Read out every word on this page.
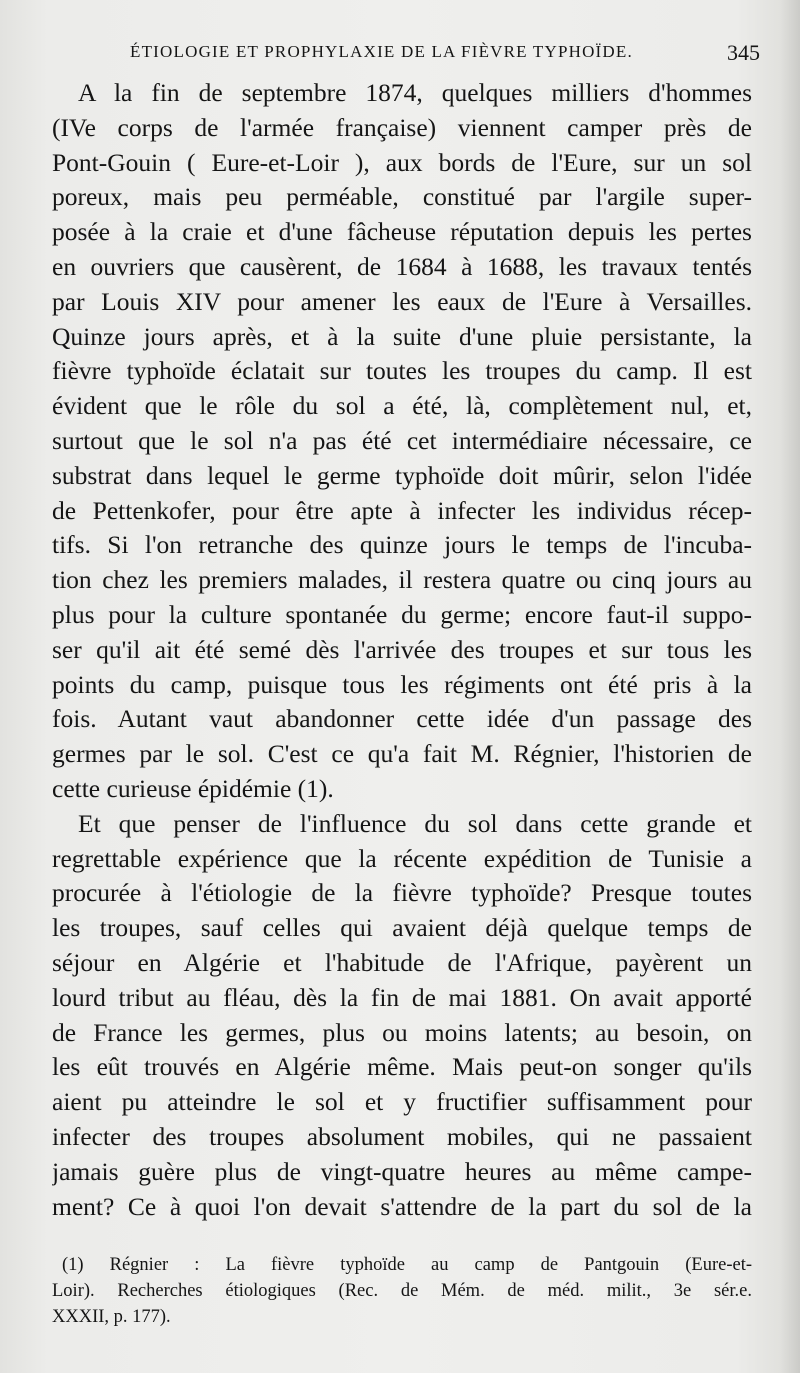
ÉTIOLOGIE ET PROPHYLAXIE DE LA FIÈVRE TYPHOÏDE.	345
A la fin de septembre 1874, quelques milliers d'hommes
(IVe corps de l'armée française) viennent camper près de
Pont-Gouin ( Eure-et-Loir ), aux bords de l'Eure, sur un sol
poreux, mais peu perméable, constitué par l'argile super-
posée à la craie et d'une fâcheuse réputation depuis les pertes
en ouvriers que causèrent, de 1684 à 1688, les travaux tentés
par Louis XIV pour amener les eaux de l'Eure à Versailles.
Quinze jours après, et à la suite d'une pluie persistante, la
fièvre typhoïde éclatait sur toutes les troupes du camp. Il est
évident que le rôle du sol a été, là, complètement nul, et,
surtout que le sol n'a pas été cet intermédiaire nécessaire, ce
substrat dans lequel le germe typhoïde doit mûrir, selon l'idée
de Pettenkofer, pour être apte à infecter les individus récep-
tifs. Si l'on retranche des quinze jours le temps de l'incuba-
tion chez les premiers malades, il restera quatre ou cinq jours au
plus pour la culture spontanée du germe; encore faut-il suppo-
ser qu'il ait été semé dès l'arrivée des troupes et sur tous les
points du camp, puisque tous les régiments ont été pris à la
fois. Autant vaut abandonner cette idée d'un passage des
germes par le sol. C'est ce qu'a fait M. Régnier, l'historien de
cette curieuse épidémie (1).
Et que penser de l'influence du sol dans cette grande et
regrettable expérience que la récente expédition de Tunisie a
procurée à l'étiologie de la fièvre typhoïde? Presque toutes
les troupes, sauf celles qui avaient déjà quelque temps de
séjour en Algérie et l'habitude de l'Afrique, payèrent un
lourd tribut au fléau, dès la fin de mai 1881. On avait apporté
de France les germes, plus ou moins latents; au besoin, on
les eût trouvés en Algérie même. Mais peut-on songer qu'ils
aient pu atteindre le sol et y fructifier suffisamment pour
infecter des troupes absolument mobiles, qui ne passaient
jamais guère plus de vingt-quatre heures au même campe-
ment? Ce à quoi l'on devait s'attendre de la part du sol de la
(1) Régnier : La fièvre typhoïde au camp de Pantgouin (Eure-et-
Loir). Recherches étiologiques (Rec. de Mém. de méd. milit., 3e sér.e.
XXXII, p. 177).
